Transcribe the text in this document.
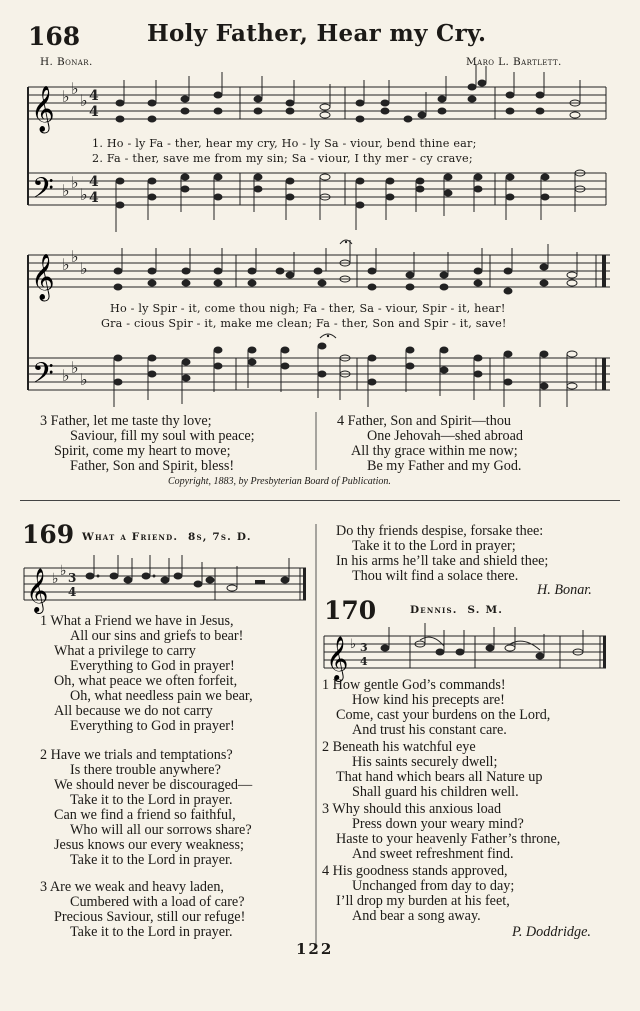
168	Holy Father, Hear my Cry.
H. Bonar.	Maro L. Bartlett.
𝄞
𝄢
♭ ♭
♭
♭ ♭
♭
4
4
4
4
𝄞
𝄢
♭ ♭
♭
♭ ♭
♭
𝄞 ♭ ♭ 3
4
𝄞 ♭ 3
4
1. Ho - ly Fa - ther, hear my cry, Ho - ly Sa - viour, bend thine ear;
2. Fa - ther, save me from my sin; Sa - viour, I thy mer - cy crave;
Ho - ly Spir - it, come thou nigh; Fa - ther, Sa - viour, Spir - it, hear!
Gra - cious Spir - it, make me clean; Fa - ther, Son and Spir - it, save!
3 Father, let me taste thy love;
Saviour, fill my soul with peace;
Spirit, come my heart to move;
Father, Son and Spirit, bless!
4 Father, Son and Spirit—thou
One Jehovah—shed abroad
All thy grace within me now;
Be my Father and my God.
Copyright, 1883, by Presbyterian Board of Publication.
169 What a Friend. 8s, 7s. D.
1 What a Friend we have in Jesus,
All our sins and griefs to bear!
What a privilege to carry
Everything to God in prayer!
Oh, what peace we often forfeit,
Oh, what needless pain we bear,
All because we do not carry
Everything to God in prayer!
2 Have we trials and temptations?
Is there trouble anywhere?
We should never be discouraged—
Take it to the Lord in prayer.
Can we find a friend so faithful,
Who will all our sorrows share?
Jesus knows our every weakness;
Take it to the Lord in prayer.
3 Are we weak and heavy laden,
Cumbered with a load of care?
Precious Saviour, still our refuge!
Take it to the Lord in prayer.
Do thy friends despise, forsake thee:
Take it to the Lord in prayer;
In his arms he’ll take and shield thee;
Thou wilt find a solace there.
H. Bonar.
170	Dennis. S. M.
1 How gentle God’s commands!
How kind his precepts are!
Come, cast your burdens on the Lord,
And trust his constant care.
2 Beneath his watchful eye
His saints securely dwell;
That hand which bears all Nature up
Shall guard his children well.
3 Why should this anxious load
Press down your weary mind?
Haste to your heavenly Father’s throne,
And sweet refreshment find.
4 His goodness stands approved,
Unchanged from day to day;
I’ll drop my burden at his feet,
And bear a song away.
P. Doddridge.
122
